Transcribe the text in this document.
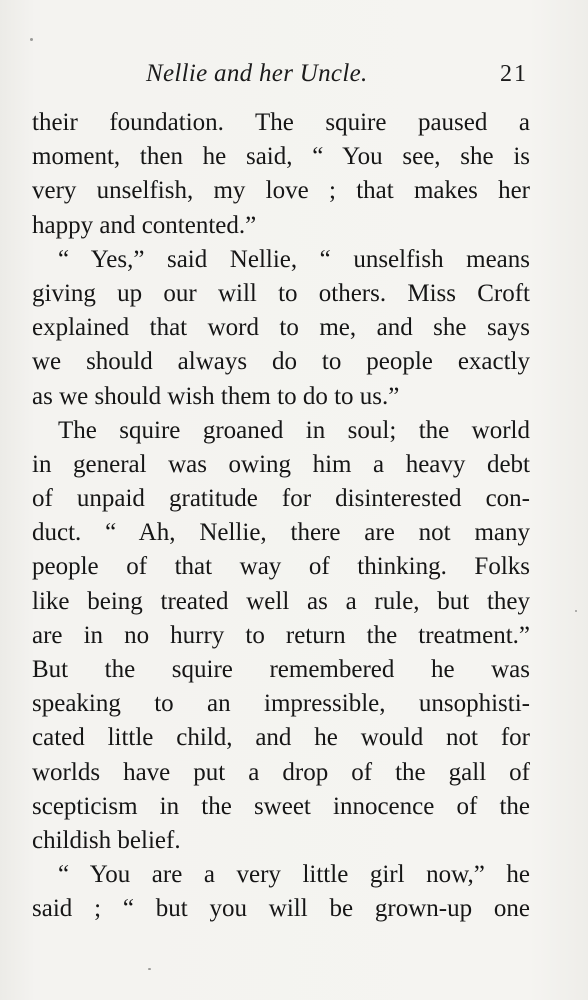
Nellie and her Uncle.	21
their foundation. The squire paused a
moment, then he said, “ You see, she is
very unselfish, my love ; that makes her
happy and contented.”
“ Yes,” said Nellie, “ unselfish means
giving up our will to others. Miss Croft
explained that word to me, and she says
we should always do to people exactly
as we should wish them to do to us.”
The squire groaned in soul; the world
in general was owing him a heavy debt
of unpaid gratitude for disinterested con-
duct. “ Ah, Nellie, there are not many
people of that way of thinking. Folks
like being treated well as a rule, but they
are in no hurry to return the treatment.”
But the squire remembered he was
speaking to an impressible, unsophisti-
cated little child, and he would not for
worlds have put a drop of the gall of
scepticism in the sweet innocence of the
childish belief.
“ You are a very little girl now,” he
said ; “ but you will be grown-up one
